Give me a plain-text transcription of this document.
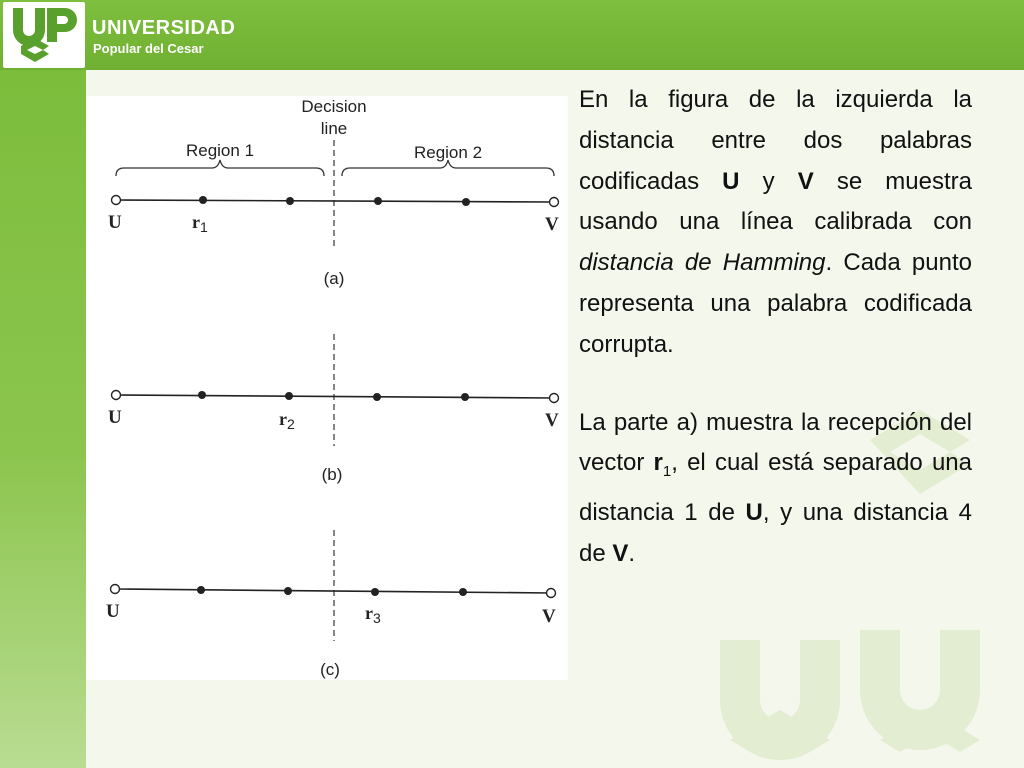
UNIVERSIDAD
Popular del Cesar
Decision
line
Region 1	Region 2
U	V
$r_1$
(a)
U	V
$r_2$
(b)
U	V
$r_3$
(c)

En la figura de la izquierda la distancia entre dos palabras codificadas U y V se muestra usando una línea calibrada con distancia de Hamming. Cada punto representa una palabra codificada corrupta.

La parte a) muestra la recepción del vector $r_1$, el cual está separado una distancia 1 de U, y una distancia 4 de V.
